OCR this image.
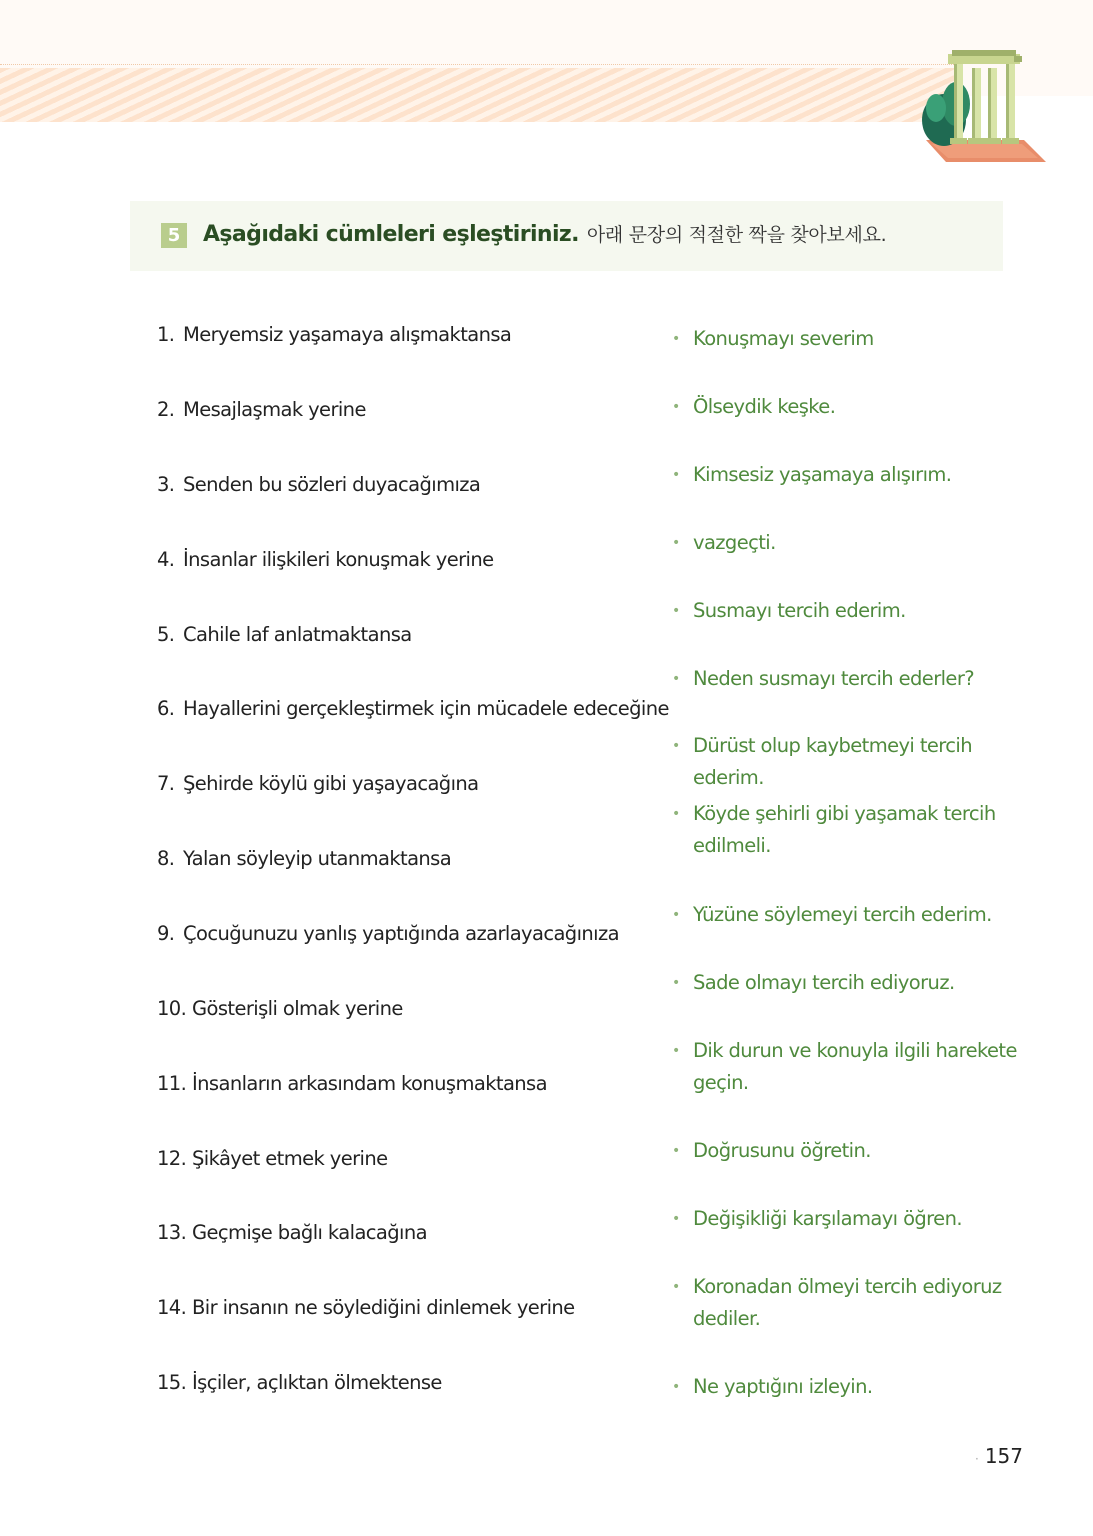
5	Aşağıdaki cümleleri eşleştiriniz. 아래 문장의 적절한 짝을 찾아보세요.
1. Meryemsiz yaşamaya alışmaktansa
2. Mesajlaşmak yerine
3. Senden bu sözleri duyacağımıza
4. İnsanlar ilişkileri konuşmak yerine
5. Cahile laf anlatmaktansa
6. Hayallerini gerçekleştirmek için mücadele edeceğine
7. Şehirde köylü gibi yaşayacağına
8. Yalan söyleyip utanmaktansa
9. Çocuğunuzu yanlış yaptığında azarlayacağınıza
10. Gösterişli olmak yerine
11. İnsanların arkasındam konuşmaktansa
12. Şikâyet etmek yerine
13. Geçmişe bağlı kalacağına
14. Bir insanın ne söylediğini dinlemek yerine
15. İşçiler, açlıktan ölmektense
• Konuşmayı severim
• Ölseydik keşke.
• Kimsesiz yaşamaya alışırım.
• vazgeçti.
• Susmayı tercih ederim.
• Neden susmayı tercih ederler?
• Dürüst olup kaybetmeyi tercih ederim.
• Köyde şehirli gibi yaşamak tercih edilmeli.
• Yüzüne söylemeyi tercih ederim.
• Sade olmayı tercih ediyoruz.
• Dik durun ve konuyla ilgili harekete geçin.
• Doğrusunu öğretin.
• Değişikliği karşılamayı öğren.
• Koronadan ölmeyi tercih ediyoruz dediler.
• Ne yaptığını izleyin.
· 157
